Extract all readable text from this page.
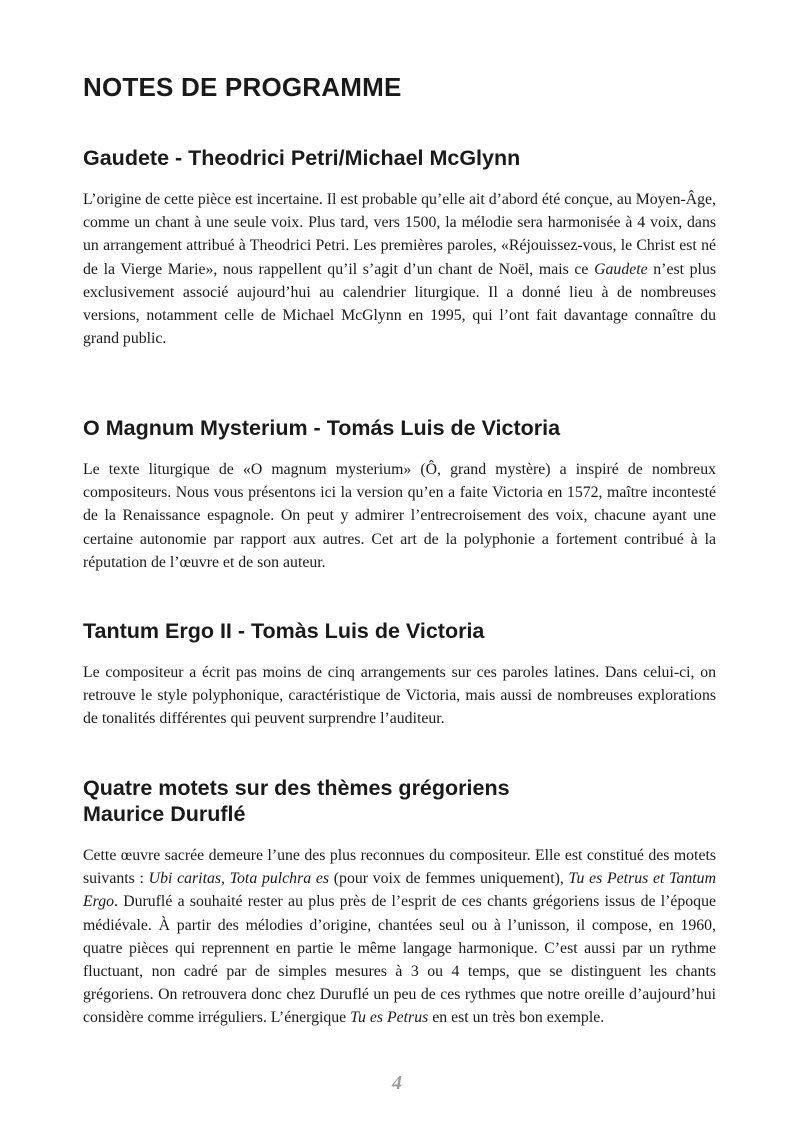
NOTES DE PROGRAMME
Gaudete - Theodrici Petri/Michael McGlynn

L’origine de cette pièce est incertaine. Il est probable qu’elle ait d’abord été conçue, au Moyen-Âge, comme un chant à une seule voix. Plus tard, vers 1500, la mélodie sera harmonisée à 4 voix, dans un arrangement attribué à Theodrici Petri. Les premières paroles, «Réjouissez-vous, le Christ est né de la Vierge Marie», nous rappellent qu’il s’agit d’un chant de Noël, mais ce Gaudete n’est plus exclusivement associé aujourd’hui au calendrier liturgique. Il a donné lieu à de nombreuses versions, notamment celle de Michael McGlynn en 1995, qui l’ont fait davantage connaître du grand public.

O Magnum Mysterium - Tomás Luis de Victoria

Le texte liturgique de «O magnum mysterium» (Ô, grand mystère) a inspiré de nombreux compositeurs. Nous vous présentons ici la version qu’en a faite Victoria en 1572, maître incontesté de la Renaissance espagnole. On peut y admirer l’entrecroisement des voix, chacune ayant une certaine autonomie par rapport aux autres. Cet art de la polyphonie a fortement contribué à la réputation de l’œuvre et de son auteur.

Tantum Ergo II - Tomàs Luis de Victoria

Le compositeur a écrit pas moins de cinq arrangements sur ces paroles latines. Dans celui-ci, on retrouve le style polyphonique, caractéristique de Victoria, mais aussi de nombreuses explorations de tonalités différentes qui peuvent surprendre l’auditeur.

Quatre motets sur des thèmes grégoriens
Maurice Duruflé

Cette œuvre sacrée demeure l’une des plus reconnues du compositeur. Elle est constitué des motets suivants : Ubi caritas, Tota pulchra es (pour voix de femmes uniquement), Tu es Petrus et Tantum Ergo. Duruflé a souhaité rester au plus près de l’esprit de ces chants grégoriens issus de l’époque médiévale. À partir des mélodies d’origine, chantées seul ou à l’unisson, il compose, en 1960, quatre pièces qui reprennent en partie le même langage harmonique. C’est aussi par un rythme fluctuant, non cadré par de simples mesures à 3 ou 4 temps, que se distinguent les chants grégoriens. On retrouvera donc chez Duruflé un peu de ces rythmes que notre oreille d’aujourd’hui considère comme irréguliers. L’énergique Tu es Petrus en est un très bon exemple.

4
